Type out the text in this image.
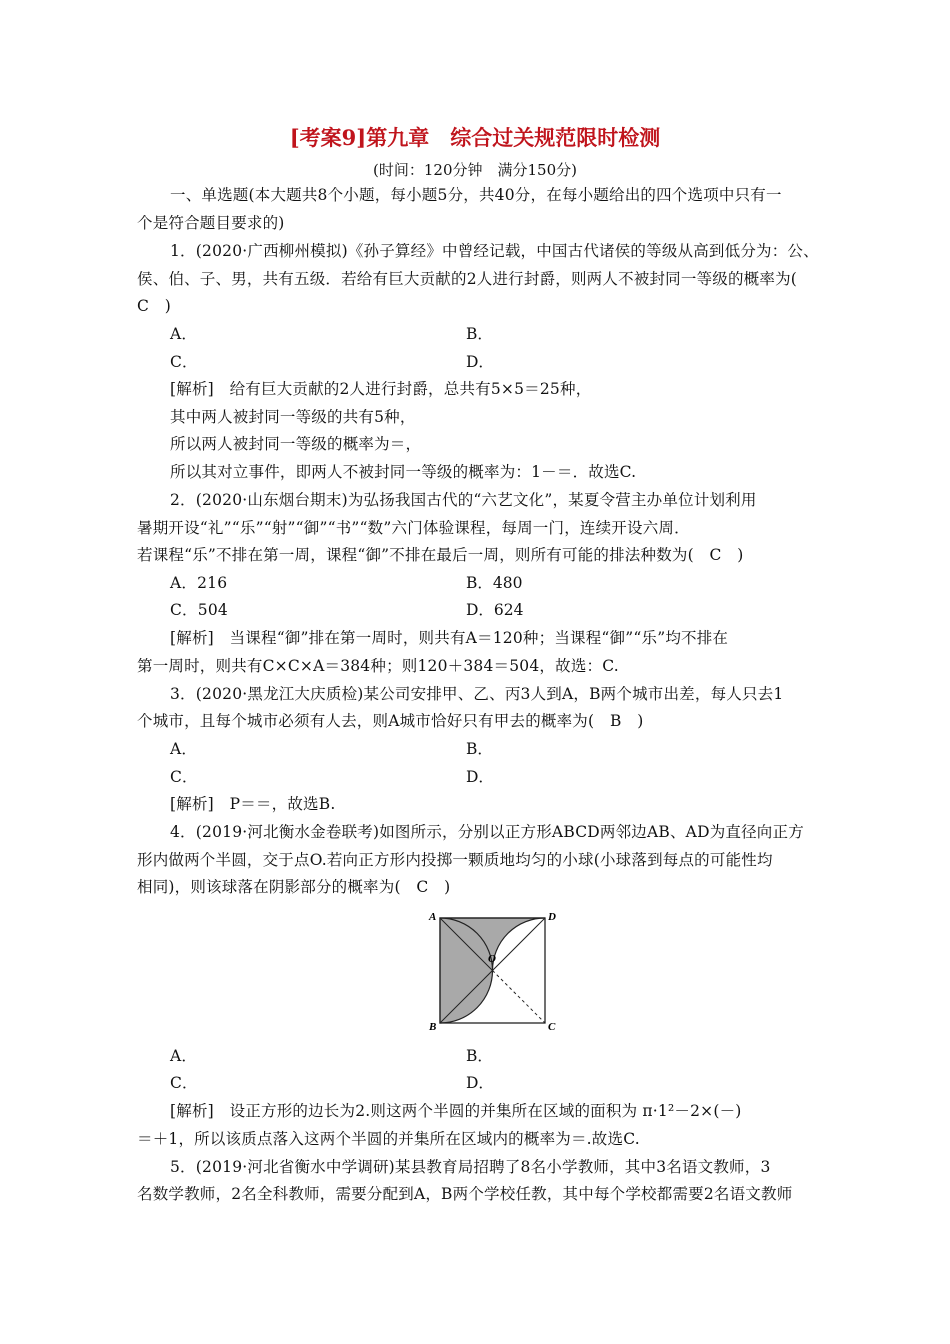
[考案9]第九章　综合过关规范限时检测
(时间：120分钟　满分150分)
一、单选题(本大题共8个小题，每小题5分，共40分，在每小题给出的四个选项中只有一
个是符合题目要求的)
1．(2020·广西柳州模拟)《孙子算经》中曾经记载，中国古代诸侯的等级从高到低分为：公、
侯、伯、子、男，共有五级．若给有巨大贡献的2人进行封爵，则两人不被封同一等级的概率为(
C　)
A．	B．
C．	D．
[解析]　给有巨大贡献的2人进行封爵，总共有5×5＝25种，
其中两人被封同一等级的共有5种，
所以两人被封同一等级的概率为＝，
所以其对立事件，即两人不被封同一等级的概率为：1－＝．故选C.
2．(2020·山东烟台期末)为弘扬我国古代的“六艺文化”，某夏令营主办单位计划利用
暑期开设“礼”“乐”“射”“御”“书”“数”六门体验课程，每周一门，连续开设六周．
若课程“乐”不排在第一周，课程“御”不排在最后一周，则所有可能的排法种数为(　C　)
A．216	B．480
C．504	D．624
[解析]　当课程“御”排在第一周时，则共有A＝120种；当课程“御”“乐”均不排在
第一周时，则共有C×C×A＝384种；则120＋384＝504，故选：C.
3．(2020·黑龙江大庆质检)某公司安排甲、乙、丙3人到A，B两个城市出差，每人只去1
个城市，且每个城市必须有人去，则A城市恰好只有甲去的概率为(　B　)
A．	B．
C．	D．
[解析]　P＝＝，故选B.
4．(2019·河北衡水金卷联考)如图所示，分别以正方形ABCD两邻边AB、AD为直径向正方
形内做两个半圆，交于点O.若向正方形内投掷一颗质地均匀的小球(小球落到每点的可能性均
相同)，则该球落在阴影部分的概率为(　C　)
A	D
B	C
O
A．	B．
C．	D．
[解析]　设正方形的边长为2.则这两个半圆的并集所在区域的面积为 π·1²－2×(－)
＝＋1，所以该质点落入这两个半圆的并集所在区域内的概率为＝.故选C.
5．(2019·河北省衡水中学调研)某县教育局招聘了8名小学教师，其中3名语文教师，3
名数学教师，2名全科教师，需要分配到A，B两个学校任教，其中每个学校都需要2名语文教师
